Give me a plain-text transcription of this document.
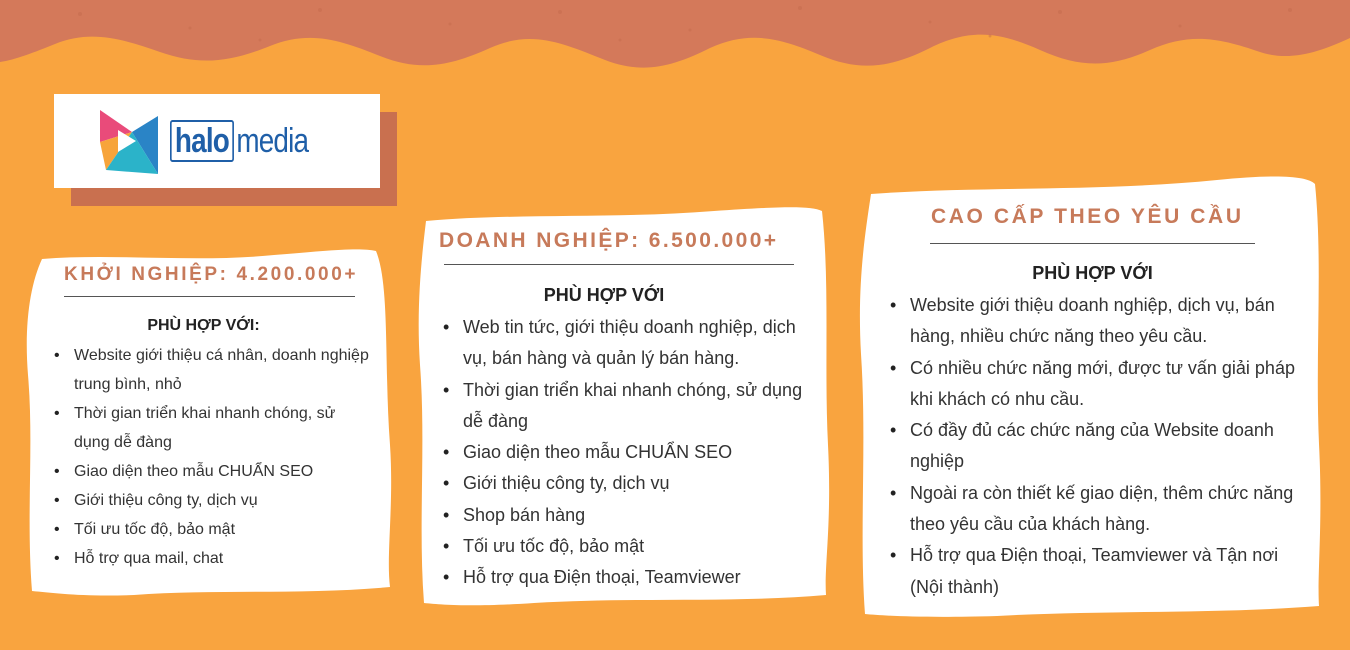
halo media
KHỞI NGHIỆP: 4.200.000+
PHÙ HỢP VỚI:
• Website giới thiệu cá nhân, doanh nghiệp trung bình, nhỏ
• Thời gian triển khai nhanh chóng, sử dụng dễ đàng
• Giao diện theo mẫu CHUẨN SEO
• Giới thiệu công ty, dịch vụ
• Tối ưu tốc độ, bảo mật
• Hỗ trợ qua mail, chat
DOANH NGHIỆP: 6.500.000+
PHÙ HỢP VỚI
• Web tin tức, giới thiệu doanh nghiệp, dịch vụ, bán hàng và quản lý bán hàng.
• Thời gian triển khai nhanh chóng, sử dụng dễ đàng
• Giao diện theo mẫu CHUẨN SEO
• Giới thiệu công ty, dịch vụ
• Shop bán hàng
• Tối ưu tốc độ, bảo mật
• Hỗ trợ qua Điện thoại, Teamviewer
CAO CẤP THEO YÊU CẦU
PHÙ HỢP VỚI
• Website giới thiệu doanh nghiệp, dịch vụ, bán hàng, nhiều chức năng theo yêu cầu.
• Có nhiều chức năng mới, được tư vấn giải pháp khi khách có nhu cầu.
• Có đầy đủ các chức năng của Website doanh nghiệp
• Ngoài ra còn thiết kế giao diện, thêm chức năng theo yêu cầu của khách hàng.
• Hỗ trợ qua Điện thoại, Teamviewer và Tận nơi (Nội thành)
